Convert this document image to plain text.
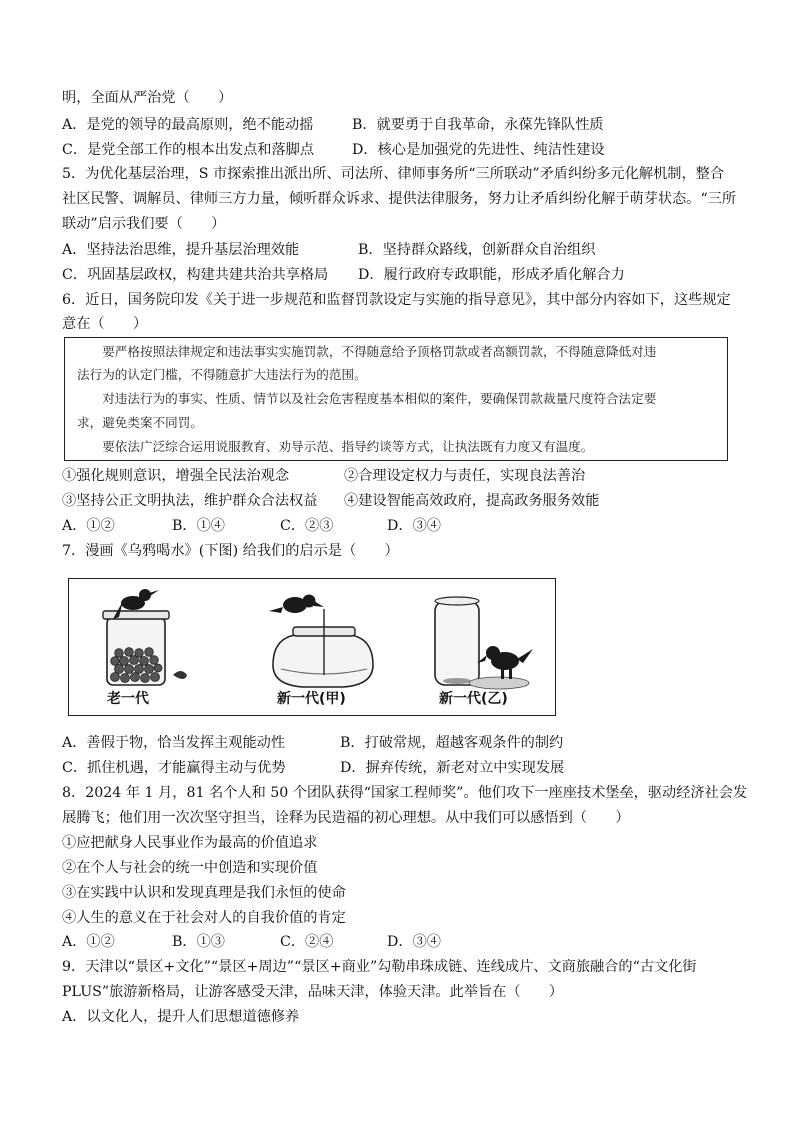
明，全面从严治党（　　）
A．是党的领导的最高原则，绝不能动摇	B．就要勇于自我革命，永葆先锋队性质
C．是党全部工作的根本出发点和落脚点	D．核心是加强党的先进性、纯洁性建设
5．为优化基层治理，S 市探索推出派出所、司法所、律师事务所“三所联动”矛盾纠纷多元化解机制，整合
社区民警、调解员、律师三方力量，倾听群众诉求、提供法律服务，努力让矛盾纠纷化解于萌芽状态。“三所
联动”启示我们要（　　）
A．坚持法治思维，提升基层治理效能	B．坚持群众路线，创新群众自治组织
C．巩固基层政权，构建共建共治共享格局 D．履行政府专政职能，形成矛盾化解合力
6．近日，国务院印发《关于进一步规范和监督罚款设定与实施的指导意见》，其中部分内容如下，这些规定
意在（　　）
　　要严格按照法律规定和违法事实实施罚款，不得随意给予顶格罚款或者高额罚款，不得随意降低对违
法行为的认定门槛，不得随意扩大违法行为的范围。
　　对违法行为的事实、性质、情节以及社会危害程度基本相似的案件，要确保罚款裁量尺度符合法定要
求，避免类案不同罚。
　　要依法广泛综合运用说服教育、劝导示范、指导约谈等方式，让执法既有力度又有温度。
①强化规则意识，增强全民法治观念	②合理设定权力与责任，实现良法善治
③坚持公正文明执法，维护群众合法权益 ④建设智能高效政府，提高政务服务效能
A．①②	B．①④	C．②③	D．③④
7．漫画《乌鸦喝水》(下图) 给我们的启示是（　　）
老一代	新一代(甲)	新一代(乙)
A．善假于物，恰当发挥主观能动性	B．打破常规，超越客观条件的制约
C．抓住机遇，才能赢得主动与优势	D．摒弃传统，新老对立中实现发展
8．2024 年 1 月，81 名个人和 50 个团队获得“国家工程师奖”。他们攻下一座座技术堡垒，驱动经济社会发
展腾飞；他们用一次次坚守担当，诠释为民造福的初心理想。从中我们可以感悟到（　　）
①应把献身人民事业作为最高的价值追求
②在个人与社会的统一中创造和实现价值
③在实践中认识和发现真理是我们永恒的使命
④人生的意义在于社会对人的自我价值的肯定
A．①②	B．①③	C．②④	D．③④
9．天津以“景区+文化”“景区+周边”“景区+商业”勾勒串珠成链、连线成片、文商旅融合的“古文化街
PLUS”旅游新格局，让游客感受天津，品味天津，体验天津。此举旨在（　　）
A．以文化人，提升人们思想道德修养
